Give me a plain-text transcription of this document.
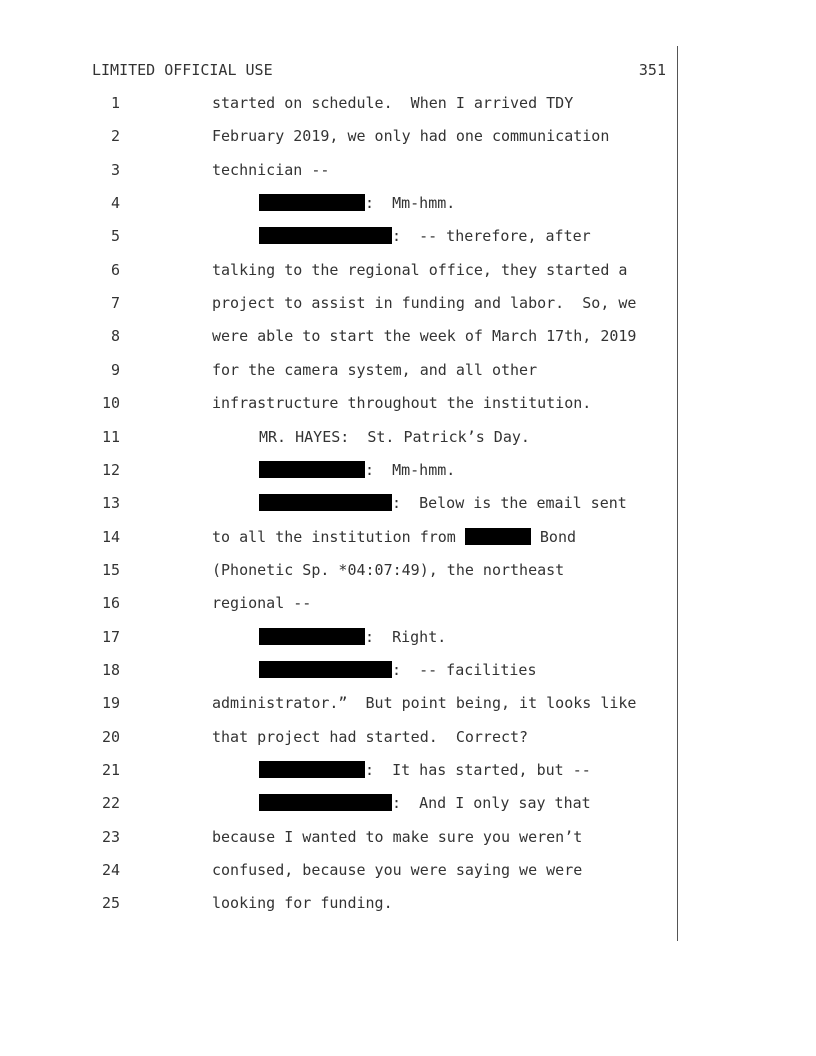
LIMITED OFFICIAL USE	351
1	started on schedule.  When I arrived TDY
2	February 2019, we only had one communication
3	technician --
4	:  Mm-hmm.
5	:  -- therefore, after
6	talking to the regional office, they started a
7	project to assist in funding and labor.  So, we
8	were able to start the week of March 17th, 2019
9	for the camera system, and all other
10	infrastructure throughout the institution.
11	MR. HAYES:  St. Patrick’s Day.
12	:  Mm-hmm.
13	:  Below is the email sent
14	to all the institution from	Bond
15	(Phonetic Sp. *04:07:49), the northeast
16	regional --
17	:  Right.
18	:  -- facilities
19	administrator.”  But point being, it looks like
20	that project had started.  Correct?
21	:  It has started, but --
22	:  And I only say that
23	because I wanted to make sure you weren’t
24	confused, because you were saying we were
25	looking for funding.
